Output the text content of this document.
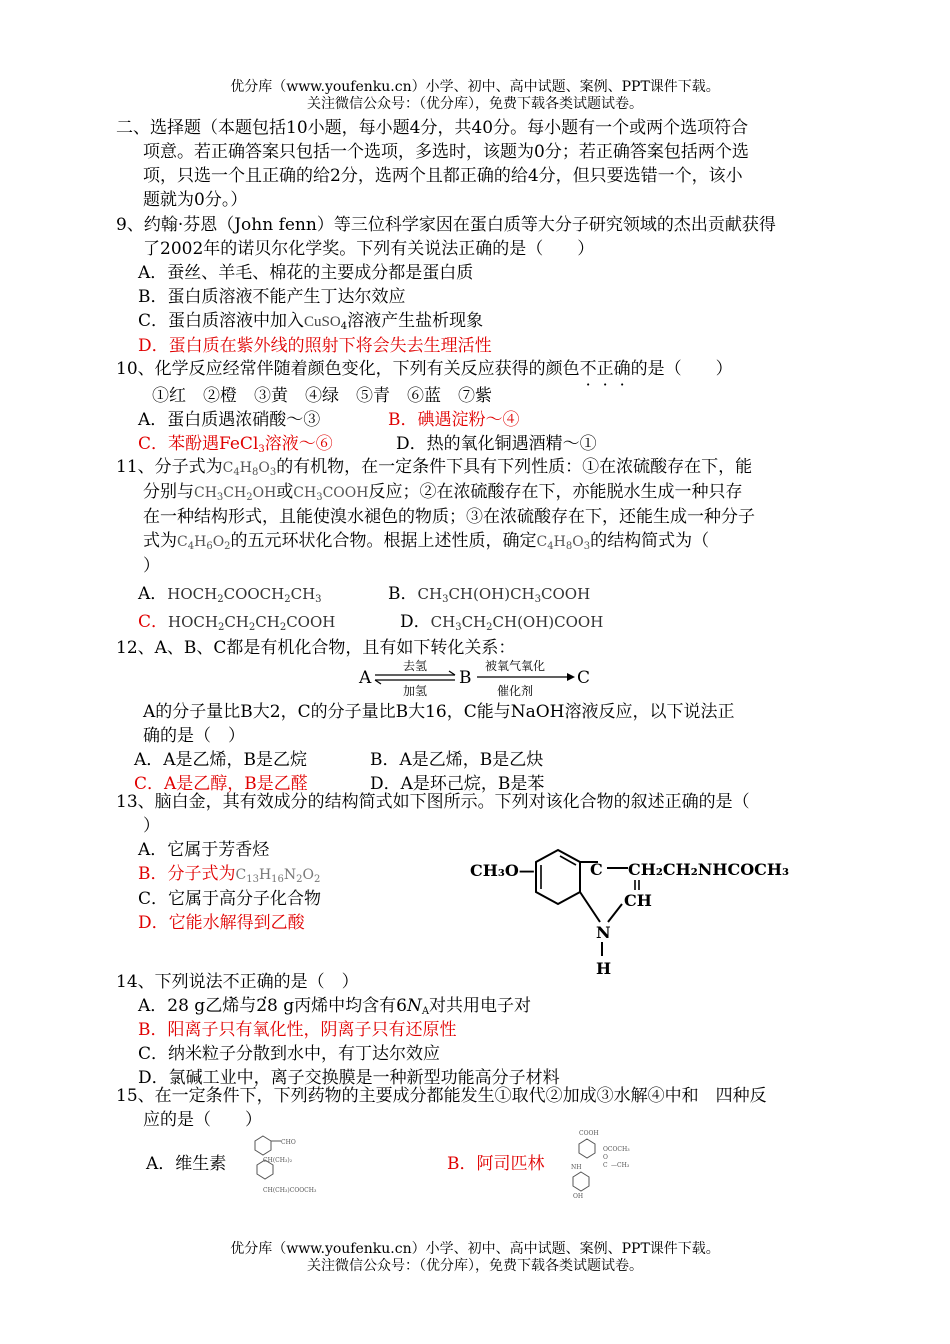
优分库（www.youfenku.cn）小学、初中、高中试题、案例、PPT课件下载。
关注微信公众号：（优分库），免费下载各类试题试卷。
二、选择题（本题包括10小题，每小题4分，共40分。每小题有一个或两个选项符合
项意。若正确答案只包括一个选项，多选时，该题为0分；若正确答案包括两个选
项，只选一个且正确的给2分，选两个且都正确的给4分，但只要选错一个，该小
题就为0分。）
9、约翰·芬恩（John fenn）等三位科学家因在蛋白质等大分子研究领域的杰出贡献获得
了2002年的诺贝尔化学奖。下列有关说法正确的是（　　）
A．蚕丝、羊毛、棉花的主要成分都是蛋白质
B．蛋白质溶液不能产生丁达尔效应
C．蛋白质溶液中加入CuSO$_4$溶液产生盐析现象
D．蛋白质在紫外线的照射下将会失去生理活性
10、化学反应经常伴随着颜色变化，下列有关反应获得的颜色不正确的是（　　）
①红　②橙　③黄　④绿　⑤青　⑥蓝　⑦紫
A．蛋白质遇浓硝酸～③	B．碘遇淀粉～④
C．苯酚遇FeCl$_3$溶液～⑥	D．热的氧化铜遇酒精～①
11、分子式为$C_4H_8O_3$的有机物，在一定条件下具有下列性质：①在浓硫酸存在下，能
分别与$CH_3CH_2OH$或$CH_3COOH$反应；②在浓硫酸存在下，亦能脱水生成一种只存
在一种结构形式，且能使溴水褪色的物质；③在浓硫酸存在下，还能生成一种分子
式为$C_4H_6O_2$的五元环状化合物。根据上述性质，确定$C_4H_8O_3$的结构简式为（
）
A．$HOCH_2COOCH_2CH_3$	B．$CH_3CH(OH)CH_3COOH$
C．$HOCH_2CH_2CH_2COOH$	D．$CH_3CH_2CH(OH)COOH$
12、A、B、C都是有机化合物，且有如下转化关系：
A
去氢
加氢
B
被氧气氧化
催化剂
C
A的分子量比B大2，C的分子量比B大16，C能与NaOH溶液反应，以下说法正
确的是（　）
A．A是乙烯，B是乙烷	B．A是乙烯，B是乙炔
C．A是乙醇，B是乙醛	D．A是环己烷，B是苯
13、脑白金，其有效成分的结构简式如下图所示。下列对该化合物的叙述正确的是（
）
A．它属于芳香烃
B．分子式为$C_{13}H_{16}N_2O_2$
C．它属于高分子化合物
D．它能水解得到乙酸
CH₃O—	C CH₂CH₂NHCOCH₃
CH
N
H
14、下列说法不正确的是（　）
A．28 g乙烯与28 g丙烯中均含有$6N_A$对共用电子对
B．阳离子只有氧化性，阴离子只有还原性
C．纳米粒子分散到水中，有丁达尔效应
D．氯碱工业中，离子交换膜是一种新型功能高分子材料
15、在一定条件下，下列药物的主要成分都能发生①取代②加成③水解④中和　四种反
应的是（　　）
A．维生素	B．阿司匹林
CHO
CH(CH₃)₂
CH(CH₃)COOCH₃
COOH
OCOCH₃
NH	C —CH₃
O
OH
优分库（www.youfenku.cn）小学、初中、高中试题、案例、PPT课件下载。
关注微信公众号：（优分库），免费下载各类试题试卷。
